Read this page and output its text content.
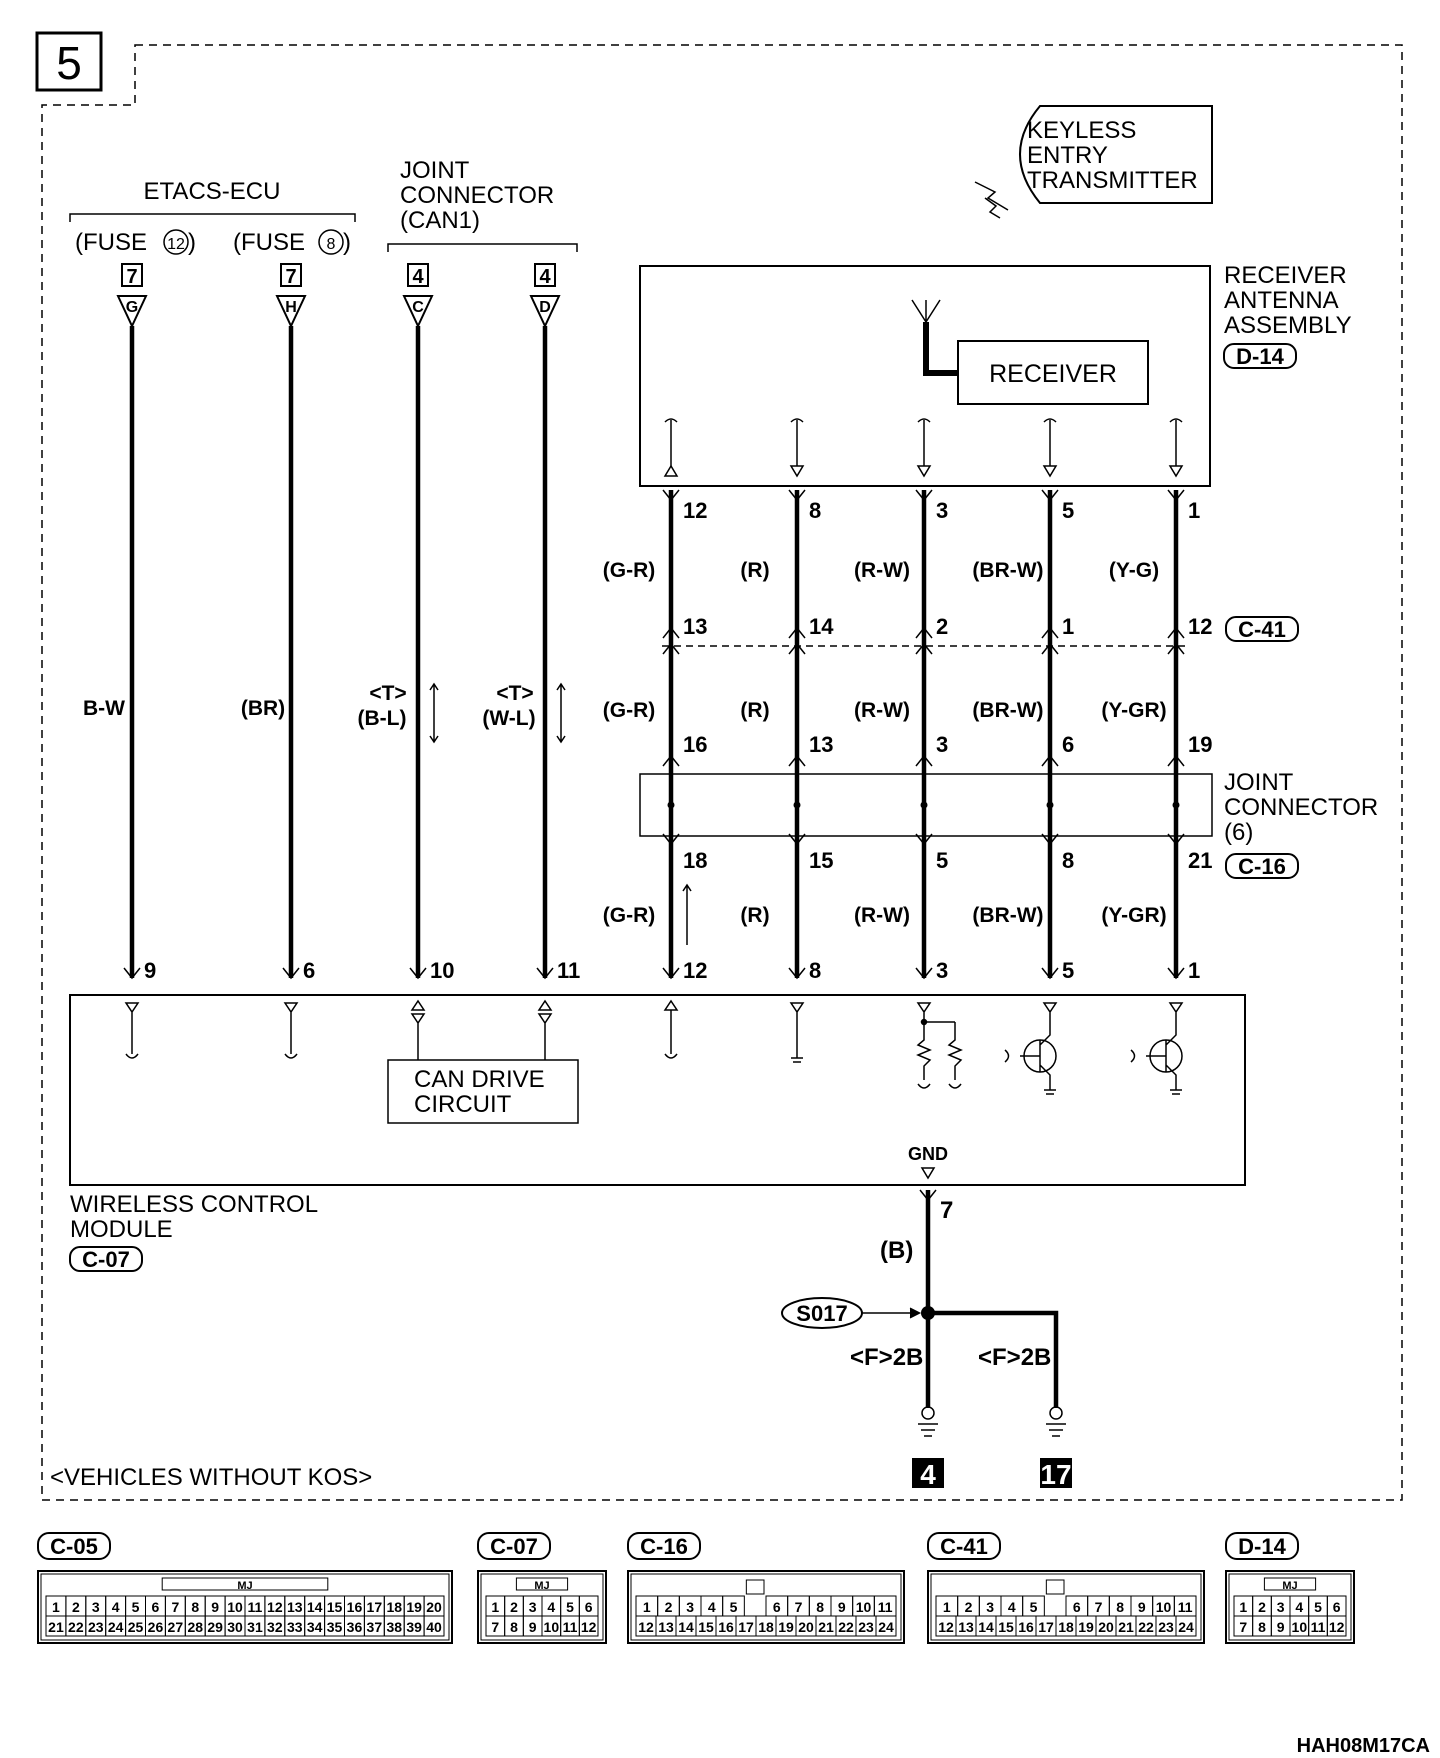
5
KEYLESS
ENTRY
TRANSMITTER
ETACS-ECU
(FUSE 12 ) (FUSE 8 )
JOINT
CONNECTOR
(CAN1)
RECEIVER
ANTENNA
ASSEMBLY
D-14
RECEIVER
C-41
JOINT
CONNECTOR
(6)
C-16
WIRELESS CONTROL
MODULE
C-07
CAN DRIVE
CIRCUIT
GND
7
(B)
S017
<F>2B <F>2B
4	17
<VEHICLES WITHOUT KOS>
HAH08M17CA
7
G
9
B-W
7
H
6
(BR)
4
C
10
<T>
(B-L)
4
D
11
<T>
(W-L)
12
13
16
18
12
(G-R)
(G-R)
(G-R)
8
14
13
15
8
(R)
(R)
(R)
3
2
3
5
3
(R-W)
(R-W)
(R-W)
5
1
6
8
5
(BR-W)
(BR-W)
(BR-W)
1
12
19
21
1
(Y-G)
(Y-GR)
(Y-GR)
C-05
MJ
1 2 3 4 5 6 7 8 9 10 11 12 13 14 15 16 17 18 19 20
21 22 23 24 25 26 27 28 29 30 31 32 33 34 35 36 37 38 39 40
C-07
MJ
1 2 3 4 5 6
7 8 9 10 11 12
C-16
1 2 3 4 5	6 7 8 9 10 11
12 13 14 15 16 17 18 19 20 21 22 23 24
C-41
1 2 3 4 5	6 7 8 9 10 11
12 13 14 15 16 17 18 19 20 21 22 23 24
D-14
MJ
1 2 3 4 5 6
7 8 9 10 11 12
